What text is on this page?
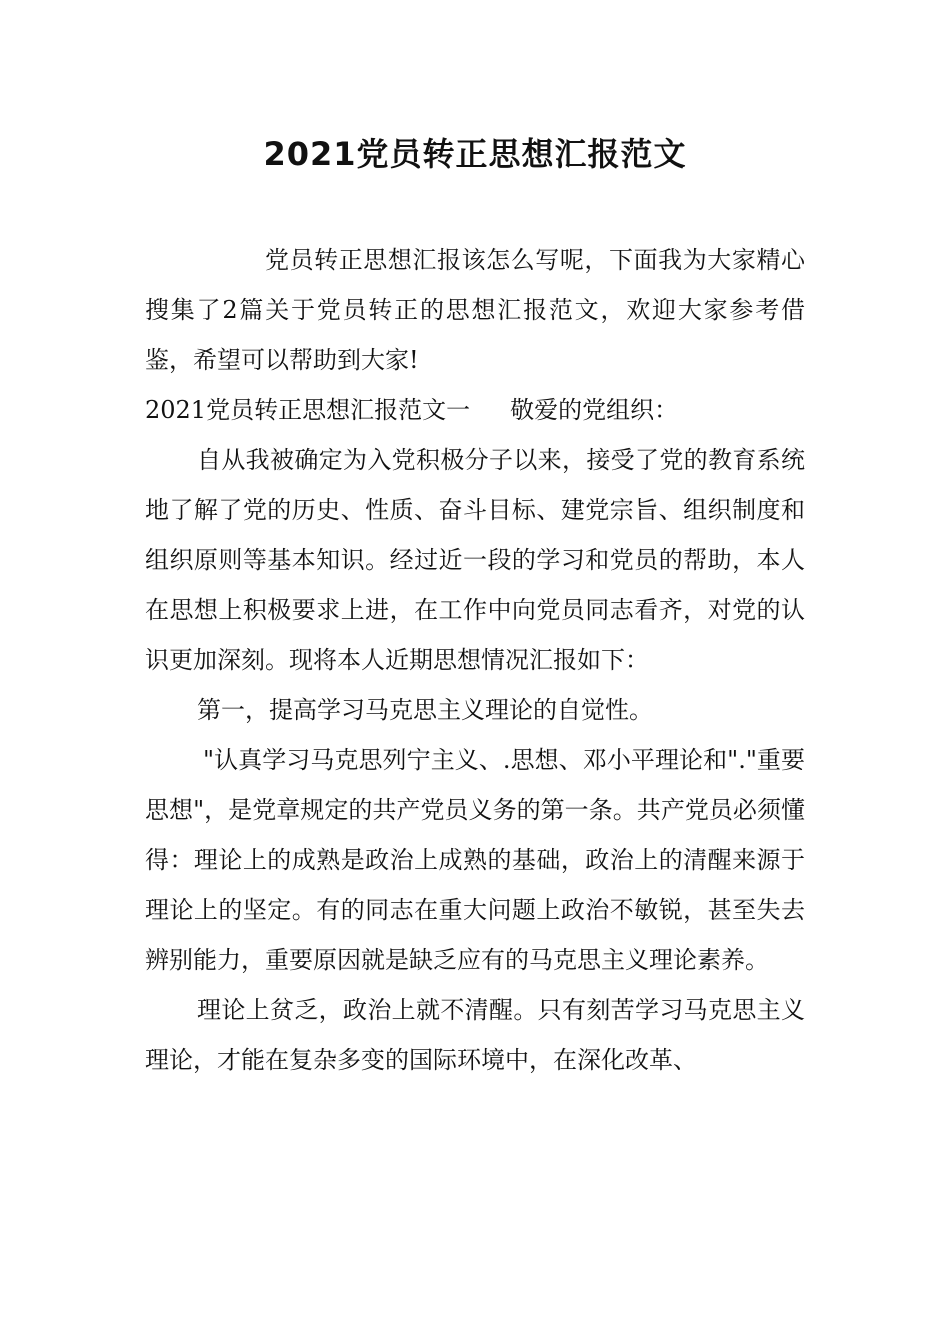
2021党员转正思想汇报范文

党员转正思想汇报该怎么写呢，下面我为大家精心搜集了2篇关于党员转正的思想汇报范文，欢迎大家参考借鉴，希望可以帮助到大家!

2021党员转正思想汇报范文一 敬爱的党组织：

自从我被确定为入党积极分子以来，接受了党的教育系统地了解了党的历史、性质、奋斗目标、建党宗旨、组织制度和组织原则等基本知识。经过近一段的学习和党员的帮助，本人在思想上积极要求上进，在工作中向党员同志看齐，对党的认识更加深刻。现将本人近期思想情况汇报如下：

第一，提高学习马克思主义理论的自觉性。

"认真学习马克思列宁主义、.思想、邓小平理论和"."重要思想"，是党章规定的共产党员义务的第一条。共产党员必须懂得：理论上的成熟是政治上成熟的基础，政治上的清醒来源于理论上的坚定。有的同志在重大问题上政治不敏锐，甚至失去辨别能力，重要原因就是缺乏应有的马克思主义理论素养。

理论上贫乏，政治上就不清醒。只有刻苦学习马克思主义理论，才能在复杂多变的国际环境中，在深化改革、
